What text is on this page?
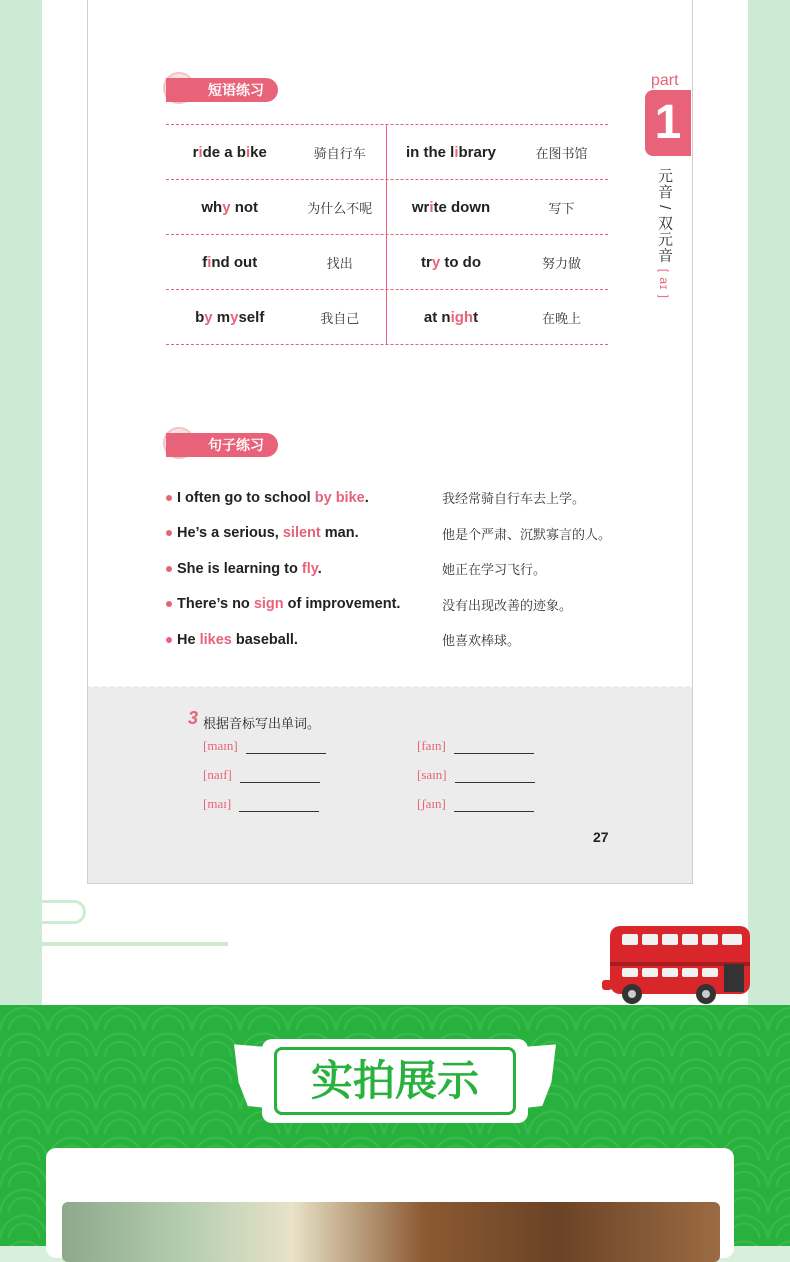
短语练习
句子练习
3 根据音标写出单词。
[maɪn]	[faɪn]
[naɪf]	[saɪn]
[maɪ]	[ʃaɪn]
27
ride a bike	骑自行车	in the library	在图书馆
why not	为什么不呢	write down	写下
find out	找出	try to do	努力做
by myself	我自己	at night	在晚上
I often go to school by bike.	我经常骑自行车去上学。
He’s a serious, silent man.	他是个严肃、沉默寡言的人。
She is learning to fly.	她正在学习飞行。
There’s no sign of improvement.	没有出现改善的迹象。
He likes baseball.	他喜欢棒球。
part
1
元音 / 双元音 [ aɪ ]
实拍展示
